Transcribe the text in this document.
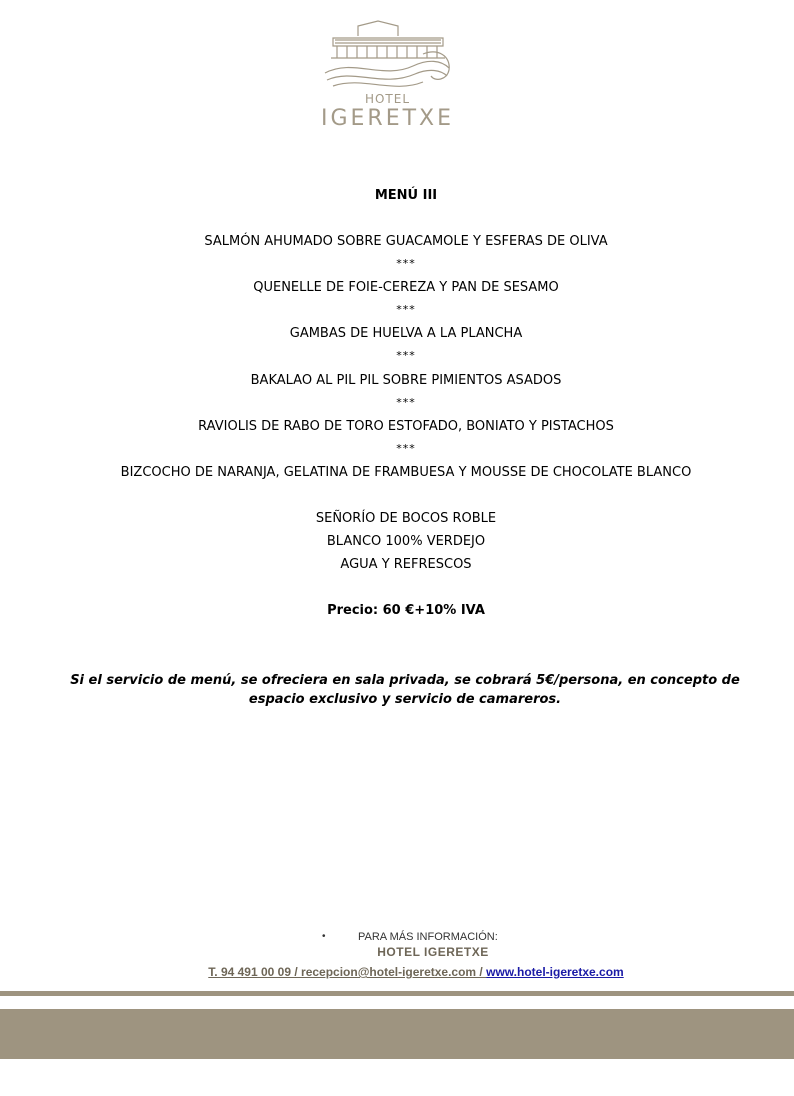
HOTEL
IGERETXE
MENÚ III
SALMÓN AHUMADO SOBRE GUACAMOLE Y ESFERAS DE OLIVA
***
QUENELLE DE FOIE-CEREZA Y PAN DE SESAMO
***
GAMBAS DE HUELVA A LA PLANCHA
***
BAKALAO AL PIL PIL SOBRE PIMIENTOS ASADOS
***
RAVIOLIS DE RABO DE TORO ESTOFADO, BONIATO Y PISTACHOS
***
BIZCOCHO DE NARANJA, GELATINA DE FRAMBUESA Y MOUSSE DE CHOCOLATE BLANCO
SEÑORÍO DE BOCOS ROBLE
BLANCO 100% VERDEJO
AGUA Y REFRESCOS
Precio: 60 €+10% IVA
Si el servicio de menú, se ofreciera en sala privada, se cobrará 5€/persona, en concepto de espacio exclusivo y servicio de camareros.
•	PARA MÁS INFORMACIÓN:
HOTEL IGERETXE
T. 94 491 00 09 / recepcion@hotel-igeretxe.com / www.hotel-igeretxe.com
